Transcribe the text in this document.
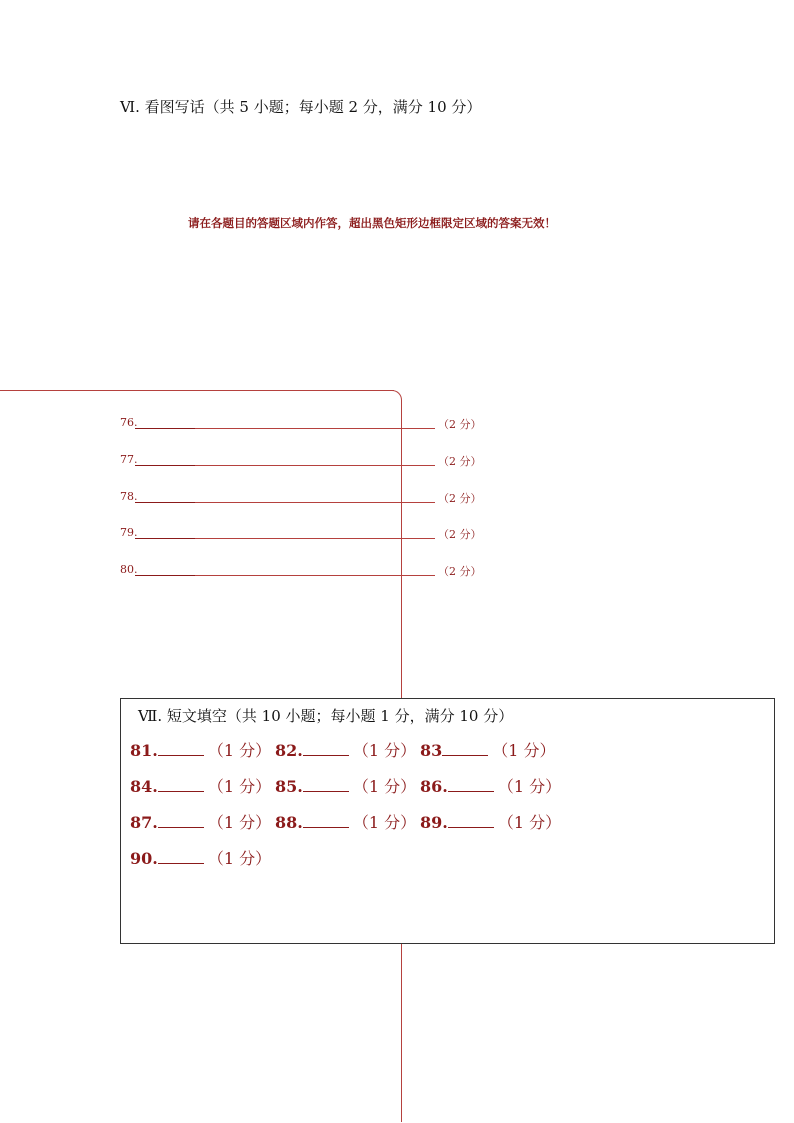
Ⅵ. 看图写话（共 5 小题；每小题 2 分，满分 10 分）
请在各题目的答题区域内作答，超出黑色矩形边框限定区域的答案无效！
76.	（2 分）
77.	（2 分）
78.	（2 分）
79.	（2 分）
80.	（2 分）
Ⅶ. 短文填空（共 10 小题；每小题 1 分，满分 10 分）
81.	（1 分） 82.	（1 分） 83	（1 分）
84.	（1 分） 85.	（1 分） 86.	（1 分）
87.	（1 分） 88.	（1 分） 89.	（1 分）
90.	（1 分）
